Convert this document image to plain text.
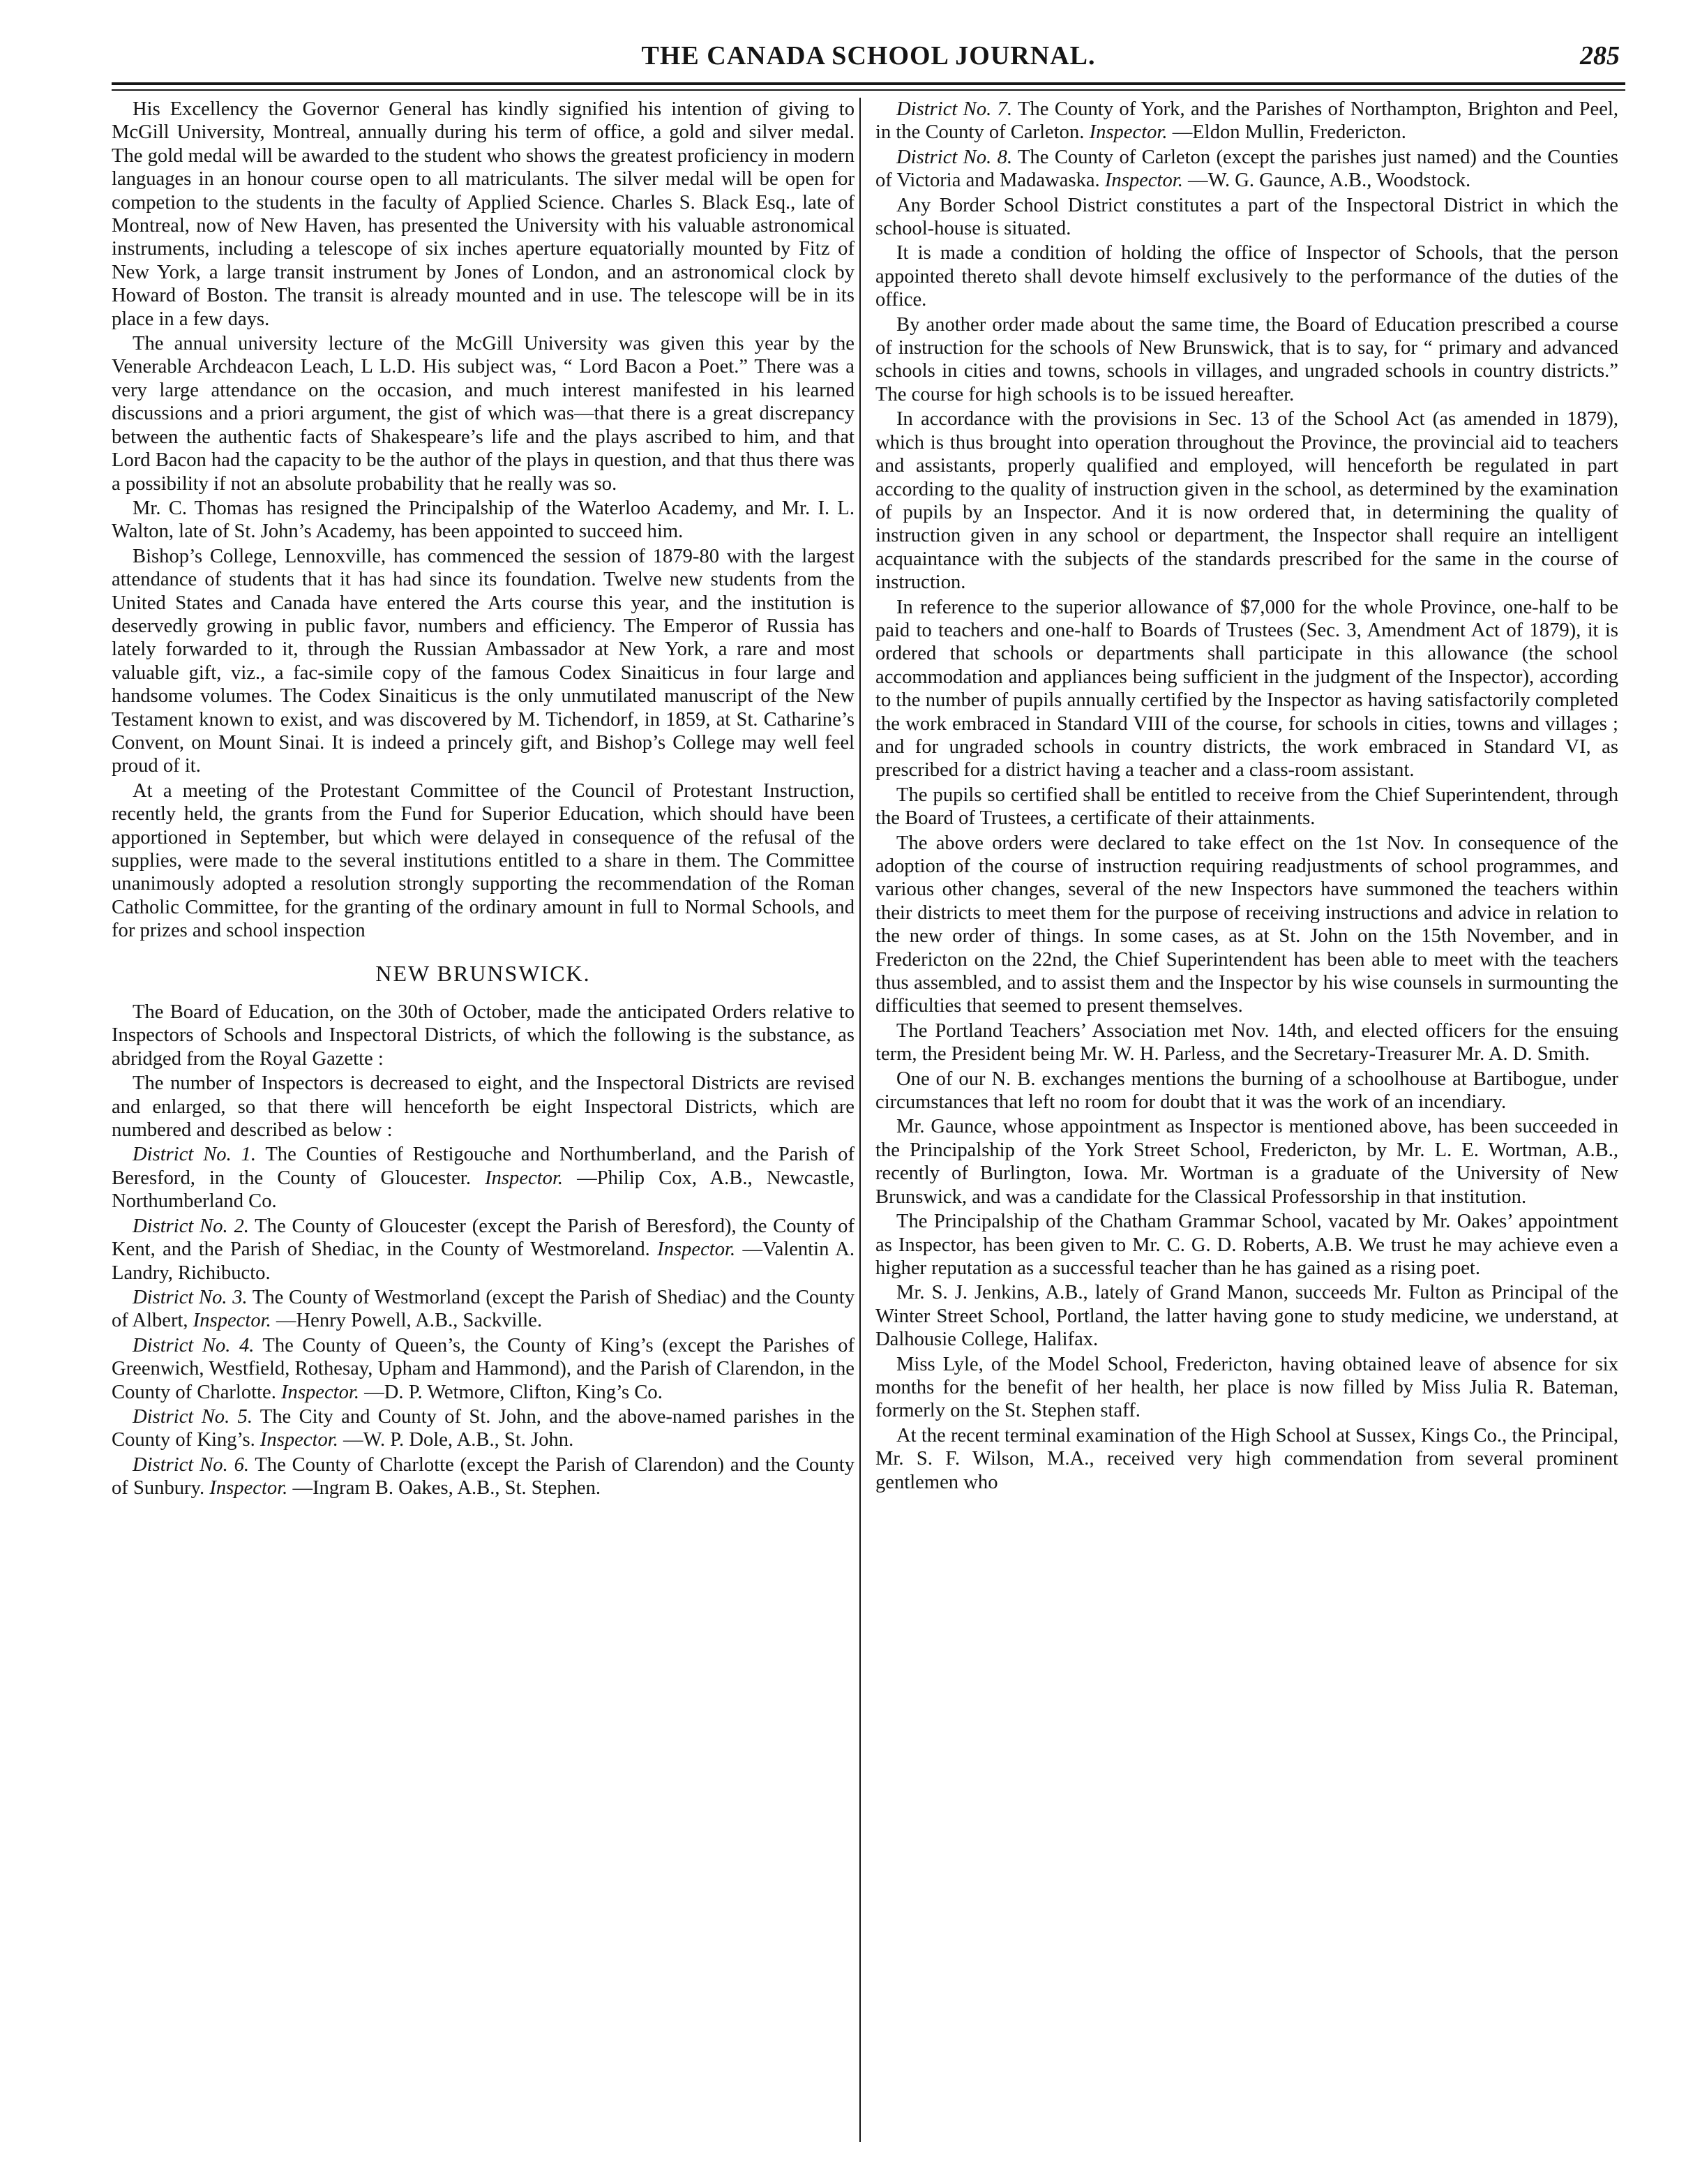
THE CANADA SCHOOL JOURNAL.	285

His Excellency the Governor General has kindly signified his intention of giving to McGill University, Montreal, annually during his term of office, a gold and silver medal. The gold medal will be awarded to the student who shows the greatest proficiency in modern languages in an honour course open to all matriculants. The silver medal will be open for competion to the students in the faculty of Applied Science. Charles S. Black Esq., late of Montreal, now of New Haven, has presented the University with his valuable astronomical instruments, including a telescope of six inches aperture equatorially mounted by Fitz of New York, a large transit instrument by Jones of London, and an astronomical clock by Howard of Boston. The transit is already mounted and in use. The telescope will be in its place in a few days.

The annual university lecture of the McGill University was given this year by the Venerable Archdeacon Leach, L L.D. His subject was, “ Lord Bacon a Poet.” There was a very large attendance on the occasion, and much interest manifested in his learned discussions and a priori argument, the gist of which was—that there is a great discrepancy between the authentic facts of Shakespeare’s life and the plays ascribed to him, and that Lord Bacon had the capacity to be the author of the plays in question, and that thus there was a possibility if not an absolute probability that he really was so.

Mr. C. Thomas has resigned the Principalship of the Waterloo Academy, and Mr. I. L. Walton, late of St. John’s Academy, has been appointed to succeed him.

Bishop’s College, Lennoxville, has commenced the session of 1879-80 with the largest attendance of students that it has had since its foundation. Twelve new students from the United States and Canada have entered the Arts course this year, and the institution is deservedly growing in public favor, numbers and efficiency. The Emperor of Russia has lately forwarded to it, through the Russian Ambassador at New York, a rare and most valuable gift, viz., a fac-simile copy of the famous Codex Sinaiticus in four large and handsome volumes. The Codex Sinaiticus is the only unmutilated manuscript of the New Testament known to exist, and was discovered by M. Tichendorf, in 1859, at St. Catharine’s Convent, on Mount Sinai. It is indeed a princely gift, and Bishop’s College may well feel proud of it.

At a meeting of the Protestant Committee of the Council of Protestant Instruction, recently held, the grants from the Fund for Superior Education, which should have been apportioned in September, but which were delayed in consequence of the refusal of the supplies, were made to the several institutions entitled to a share in them. The Committee unanimously adopted a resolution strongly supporting the recommendation of the Roman Catholic Committee, for the granting of the ordinary amount in full to Normal Schools, and for prizes and school inspection

NEW BRUNSWICK.

The Board of Education, on the 30th of October, made the anticipated Orders relative to Inspectors of Schools and Inspectoral Districts, of which the following is the substance, as abridged from the Royal Gazette :

The number of Inspectors is decreased to eight, and the Inspectoral Districts are revised and enlarged, so that there will henceforth be eight Inspectoral Districts, which are numbered and described as below :

District No. 1. The Counties of Restigouche and Northumberland, and the Parish of Beresford, in the County of Gloucester. Inspector. —Philip Cox, A.B., Newcastle, Northumberland Co.

District No. 2. The County of Gloucester (except the Parish of Beresford), the County of Kent, and the Parish of Shediac, in the County of Westmoreland. Inspector. —Valentin A. Landry, Richibucto.

District No. 3. The County of Westmorland (except the Parish of Shediac) and the County of Albert, Inspector. —Henry Powell, A.B., Sackville.

District No. 4. The County of Queen’s, the County of King’s (except the Parishes of Greenwich, Westfield, Rothesay, Upham and Hammond), and the Parish of Clarendon, in the County of Charlotte. Inspector. —D. P. Wetmore, Clifton, King’s Co.

District No. 5. The City and County of St. John, and the above-named parishes in the County of King’s. Inspector. —W. P. Dole, A.B., St. John.

District No. 6. The County of Charlotte (except the Parish of Clarendon) and the County of Sunbury. Inspector. —Ingram B. Oakes, A.B., St. Stephen.

District No. 7. The County of York, and the Parishes of Northampton, Brighton and Peel, in the County of Carleton. Inspector. —Eldon Mullin, Fredericton.

District No. 8. The County of Carleton (except the parishes just named) and the Counties of Victoria and Madawaska. Inspector. —W. G. Gaunce, A.B., Woodstock.

Any Border School District constitutes a part of the Inspectoral District in which the school-house is situated.

It is made a condition of holding the office of Inspector of Schools, that the person appointed thereto shall devote himself exclusively to the performance of the duties of the office.

By another order made about the same time, the Board of Education prescribed a course of instruction for the schools of New Brunswick, that is to say, for “ primary and advanced schools in cities and towns, schools in villages, and ungraded schools in country districts.” The course for high schools is to be issued hereafter.

In accordance with the provisions in Sec. 13 of the School Act (as amended in 1879), which is thus brought into operation throughout the Province, the provincial aid to teachers and assistants, properly qualified and employed, will henceforth be regulated in part according to the quality of instruction given in the school, as determined by the examination of pupils by an Inspector. And it is now ordered that, in determining the quality of instruction given in any school or department, the Inspector shall require an intelligent acquaintance with the subjects of the standards prescribed for the same in the course of instruction.

In reference to the superior allowance of $7,000 for the whole Province, one-half to be paid to teachers and one-half to Boards of Trustees (Sec. 3, Amendment Act of 1879), it is ordered that schools or departments shall participate in this allowance (the school accommodation and appliances being sufficient in the judgment of the Inspector), according to the number of pupils annually certified by the Inspector as having satisfactorily completed the work embraced in Standard VIII of the course, for schools in cities, towns and villages ; and for ungraded schools in country districts, the work embraced in Standard VI, as prescribed for a district having a teacher and a class-room assistant.

The pupils so certified shall be entitled to receive from the Chief Superintendent, through the Board of Trustees, a certificate of their attainments.

The above orders were declared to take effect on the 1st Nov. In consequence of the adoption of the course of instruction requiring readjustments of school programmes, and various other changes, several of the new Inspectors have summoned the teachers within their districts to meet them for the purpose of receiving instructions and advice in relation to the new order of things. In some cases, as at St. John on the 15th November, and in Fredericton on the 22nd, the Chief Superintendent has been able to meet with the teachers thus assembled, and to assist them and the Inspector by his wise counsels in surmounting the difficulties that seemed to present themselves.

The Portland Teachers’ Association met Nov. 14th, and elected officers for the ensuing term, the President being Mr. W. H. Parless, and the Secretary-Treasurer Mr. A. D. Smith.

One of our N. B. exchanges mentions the burning of a schoolhouse at Bartibogue, under circumstances that left no room for doubt that it was the work of an incendiary.

Mr. Gaunce, whose appointment as Inspector is mentioned above, has been succeeded in the Principalship of the York Street School, Fredericton, by Mr. L. E. Wortman, A.B., recently of Burlington, Iowa. Mr. Wortman is a graduate of the University of New Brunswick, and was a candidate for the Classical Professorship in that institution.

The Principalship of the Chatham Grammar School, vacated by Mr. Oakes’ appointment as Inspector, has been given to Mr. C. G. D. Roberts, A.B. We trust he may achieve even a higher reputation as a successful teacher than he has gained as a rising poet.

Mr. S. J. Jenkins, A.B., lately of Grand Manon, succeeds Mr. Fulton as Principal of the Winter Street School, Portland, the latter having gone to study medicine, we understand, at Dalhousie College, Halifax.

Miss Lyle, of the Model School, Fredericton, having obtained leave of absence for six months for the benefit of her health, her place is now filled by Miss Julia R. Bateman, formerly on the St. Stephen staff.

At the recent terminal examination of the High School at Sussex, Kings Co., the Principal, Mr. S. F. Wilson, M.A., received very high commendation from several prominent gentlemen who
